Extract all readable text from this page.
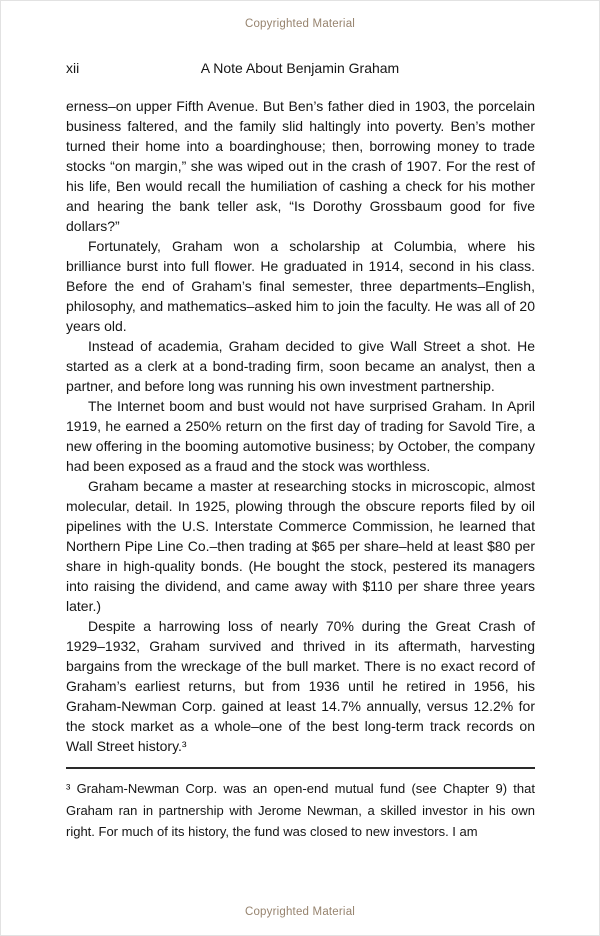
Copyrighted Material
xii	A Note About Benjamin Graham

erness–on upper Fifth Avenue. But Ben’s father died in 1903, the porcelain business faltered, and the family slid haltingly into poverty. Ben’s mother turned their home into a boardinghouse; then, borrowing money to trade stocks “on margin,” she was wiped out in the crash of 1907. For the rest of his life, Ben would recall the humiliation of cashing a check for his mother and hearing the bank teller ask, “Is Dorothy Grossbaum good for five dollars?”

Fortunately, Graham won a scholarship at Columbia, where his brilliance burst into full flower. He graduated in 1914, second in his class. Before the end of Graham’s final semester, three departments–English, philosophy, and mathematics–asked him to join the faculty. He was all of 20 years old.

Instead of academia, Graham decided to give Wall Street a shot. He started as a clerk at a bond-trading firm, soon became an analyst, then a partner, and before long was running his own investment partnership.

The Internet boom and bust would not have surprised Graham. In April 1919, he earned a 250% return on the first day of trading for Savold Tire, a new offering in the booming automotive business; by October, the company had been exposed as a fraud and the stock was worthless.

Graham became a master at researching stocks in microscopic, almost molecular, detail. In 1925, plowing through the obscure reports filed by oil pipelines with the U.S. Interstate Commerce Commission, he learned that Northern Pipe Line Co.–then trading at $65 per share–held at least $80 per share in high-quality bonds. (He bought the stock, pestered its managers into raising the dividend, and came away with $110 per share three years later.)

Despite a harrowing loss of nearly 70% during the Great Crash of 1929–1932, Graham survived and thrived in its aftermath, harvesting bargains from the wreckage of the bull market. There is no exact record of Graham’s earliest returns, but from 1936 until he retired in 1956, his Graham-Newman Corp. gained at least 14.7% annually, versus 12.2% for the stock market as a whole–one of the best long-term track records on Wall Street history.³

³ Graham-Newman Corp. was an open-end mutual fund (see Chapter 9) that Graham ran in partnership with Jerome Newman, a skilled investor in his own right. For much of its history, the fund was closed to new investors. I am
Copyrighted Material
